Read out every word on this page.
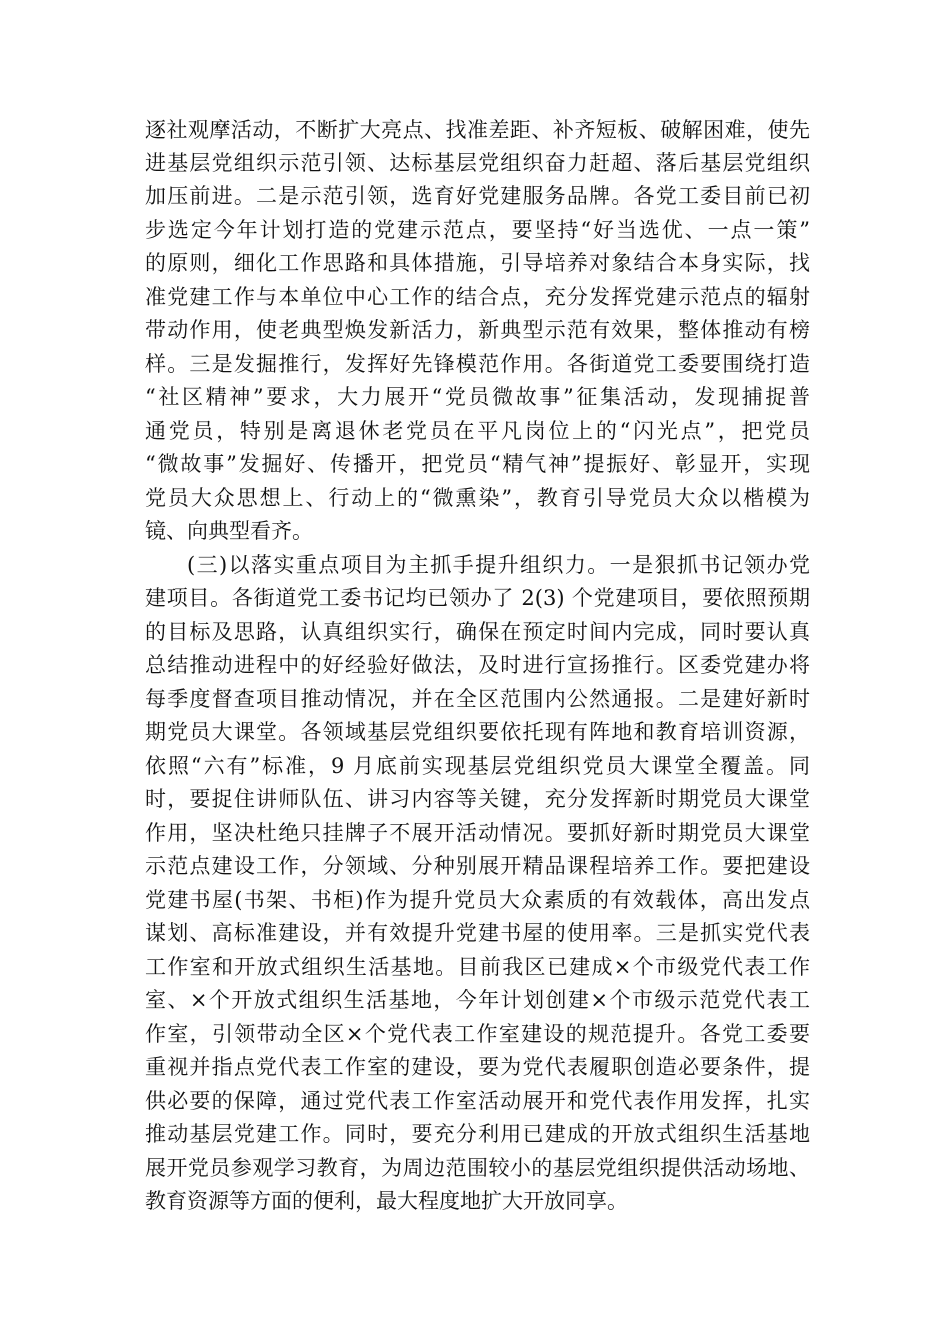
逐社观摩活动，不断扩大亮点、找准差距、补齐短板、破解困难，使先
进基层党组织示范引领、达标基层党组织奋力赶超、落后基层党组织
加压前进。二是示范引领，选育好党建服务品牌。各党工委目前已初
步选定今年计划打造的党建示范点，要坚持“好当选优、一点一策”
的原则，细化工作思路和具体措施，引导培养对象结合本身实际，找
准党建工作与本单位中心工作的结合点，充分发挥党建示范点的辐射
带动作用，使老典型焕发新活力，新典型示范有效果，整体推动有榜
样。三是发掘推行，发挥好先锋模范作用。各街道党工委要围绕打造
“社区精神”要求，大力展开“党员微故事”征集活动，发现捕捉普
通党员，特别是离退休老党员在平凡岗位上的“闪光点”，把党员
“微故事”发掘好、传播开，把党员“精气神”提振好、彰显开，实现
党员大众思想上、行动上的“微熏染”，教育引导党员大众以楷模为
镜、向典型看齐。
(三)以落实重点项目为主抓手提升组织力。一是狠抓书记领办党
建项目。各街道党工委书记均已领办了 2(3) 个党建项目，要依照预期
的目标及思路，认真组织实行，确保在预定时间内完成，同时要认真
总结推动进程中的好经验好做法，及时进行宣扬推行。区委党建办将
每季度督查项目推动情况，并在全区范围内公然通报。二是建好新时
期党员大课堂。各领域基层党组织要依托现有阵地和教育培训资源，
依照“六有”标准，9 月底前实现基层党组织党员大课堂全覆盖。同
时，要捉住讲师队伍、讲习内容等关键，充分发挥新时期党员大课堂
作用，坚决杜绝只挂牌子不展开活动情况。要抓好新时期党员大课堂
示范点建设工作，分领域、分种别展开精品课程培养工作。要把建设
党建书屋(书架、书柜)作为提升党员大众素质的有效载体，高出发点
谋划、高标准建设，并有效提升党建书屋的使用率。三是抓实党代表
工作室和开放式组织生活基地。目前我区已建成×个市级党代表工作
室、×个开放式组织生活基地，今年计划创建×个市级示范党代表工
作室，引领带动全区×个党代表工作室建设的规范提升。各党工委要
重视并指点党代表工作室的建设，要为党代表履职创造必要条件，提
供必要的保障，通过党代表工作室活动展开和党代表作用发挥，扎实
推动基层党建工作。同时，要充分利用已建成的开放式组织生活基地
展开党员参观学习教育，为周边范围较小的基层党组织提供活动场地、
教育资源等方面的便利，最大程度地扩大开放同享。
